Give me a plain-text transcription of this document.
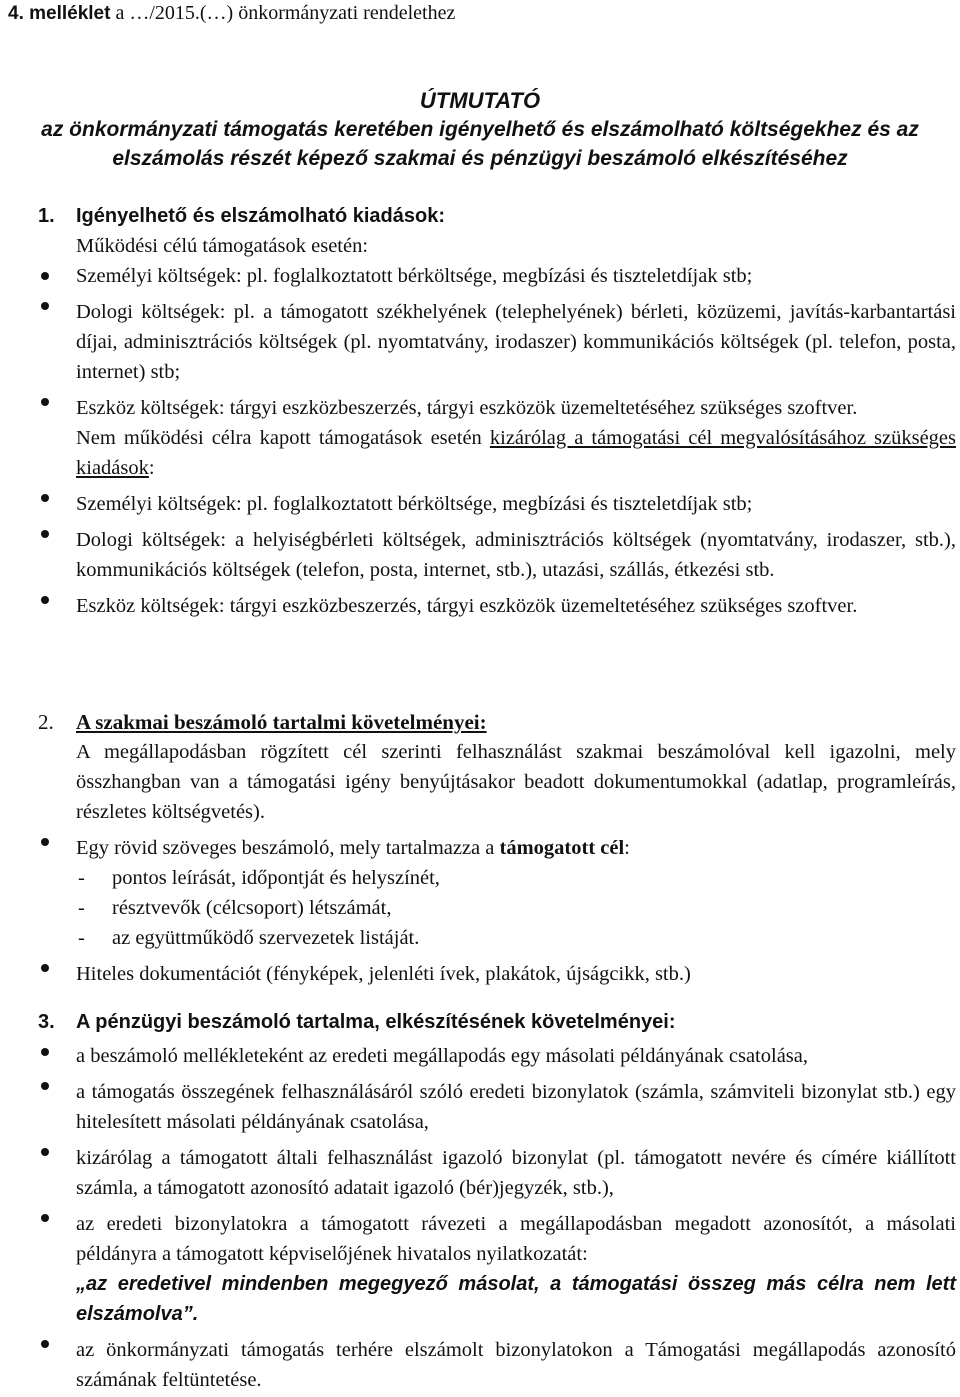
4. melléklet a …/2015.(…) önkormányzati rendelethez
ÚTMUTATÓ
az önkormányzati támogatás keretében igényelhető és elszámolható költségekhez és az
elszámolás részét képező szakmai és pénzügyi beszámoló elkészítéséhez
1.	Igényelhető és elszámolható kiadások:
Működési célú támogatások esetén:
Személyi költségek: pl. foglalkoztatott bérköltsége, megbízási és tiszteletdíjak stb;
Dologi költségek: pl. a támogatott székhelyének (telephelyének) bérleti, közüzemi, javítás-karbantartási díjai, adminisztrációs költségek (pl. nyomtatvány, irodaszer) kommunikációs költségek (pl. telefon, posta, internet) stb;
Eszköz költségek: tárgyi eszközbeszerzés, tárgyi eszközök üzemeltetéséhez szükséges szoftver.
Nem működési célra kapott támogatások esetén kizárólag a támogatási cél megvalósításához szükséges kiadások:
Személyi költségek: pl. foglalkoztatott bérköltsége, megbízási és tiszteletdíjak stb;
Dologi költségek: a helyiségbérleti költségek, adminisztrációs költségek (nyomtatvány, irodaszer, stb.), kommunikációs költségek (telefon, posta, internet, stb.), utazási, szállás, étkezési stb.
Eszköz költségek: tárgyi eszközbeszerzés, tárgyi eszközök üzemeltetéséhez szükséges szoftver.
2.	A szakmai beszámoló tartalmi követelményei:
A megállapodásban rögzített cél szerinti felhasználást szakmai beszámolóval kell igazolni, mely összhangban van a támogatási igény benyújtásakor beadott dokumentumokkal (adatlap, programleírás, részletes költségvetés).
Egy rövid szöveges beszámoló, mely tartalmazza a támogatott cél:
- pontos leírását, időpontját és helyszínét,
- résztvevők (célcsoport) létszámát,
- az együttműködő szervezetek listáját.
Hiteles dokumentációt (fényképek, jelenléti ívek, plakátok, újságcikk, stb.)
3.	A pénzügyi beszámoló tartalma, elkészítésének követelményei:
a beszámoló mellékleteként az eredeti megállapodás egy másolati példányának csatolása,
a támogatás összegének felhasználásáról szóló eredeti bizonylatok (számla, számviteli bizonylat stb.) egy hitelesített másolati példányának csatolása,
kizárólag a támogatott általi felhasználást igazoló bizonylat (pl. támogatott nevére és címére kiállított számla, a támogatott azonosító adatait igazoló (bér)jegyzék, stb.),
az eredeti bizonylatokra a támogatott rávezeti a megállapodásban megadott azonosítót, a másolati példányra a támogatott képviselőjének hivatalos nyilatkozatát:
„az eredetivel mindenben megegyező másolat, a támogatási összeg más célra nem lett elszámolva”.
az önkormányzati támogatás terhére elszámolt bizonylatokon a Támogatási megállapodás azonosító számának feltüntetése.
